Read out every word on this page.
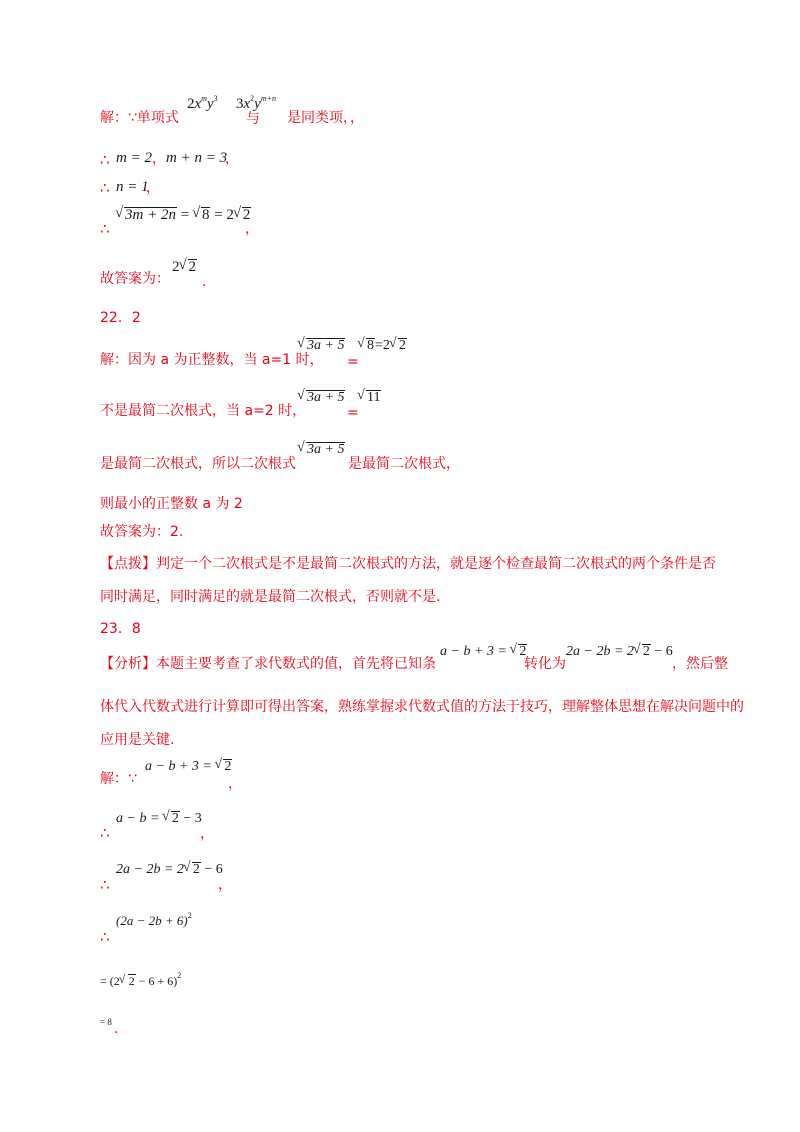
解：∵单项式
$2x^my^3$
与
$3x^2y^{m+n}$
是同类项，，
∴ m = 2 ， m + n = 3
，
∴ n = 1
，
∴
√ 3m + 2n = √ 8 = 2 √ 2
，
故答案为：
2 √ 2
.
22．2
解：因为 a 为正整数，当 a=1 时，
√ 3a + 5
=
√ 8=2 √ 2
不是最简二次根式，当 a=2 时，
√ 3a + 5
=
√ 11
是最简二次根式，所以二次根式
√ 3a + 5
是最简二次根式，
则最小的正整数 a 为 2
故答案为：2.
【点拨】判定一个二次根式是不是最简二次根式的方法，就是逐个检查最简二次根式的两个条件是否
同时满足，同时满足的就是最简二次根式，否则就不是.
23．8
【分析】本题主要考查了求代数式的值，首先将已知条
a − b + 3 = √ 2
转化为
2a − 2b = 2 √ 2 − 6
，然后整
体代入代数式进行计算即可得出答案，熟练掌握求代数式值的方法于技巧，理解整体思想在解决问题中的
应用是关键.
解：∵
a − b + 3 = √ 2
，
∴
a − b = √ 2 − 3
，
∴
2a − 2b = 2 √ 2 − 6
，
∴
$(2a - 2b + 6)^2$
= (2 √ 2 − 6 + 6)$^2$
= 8 .
